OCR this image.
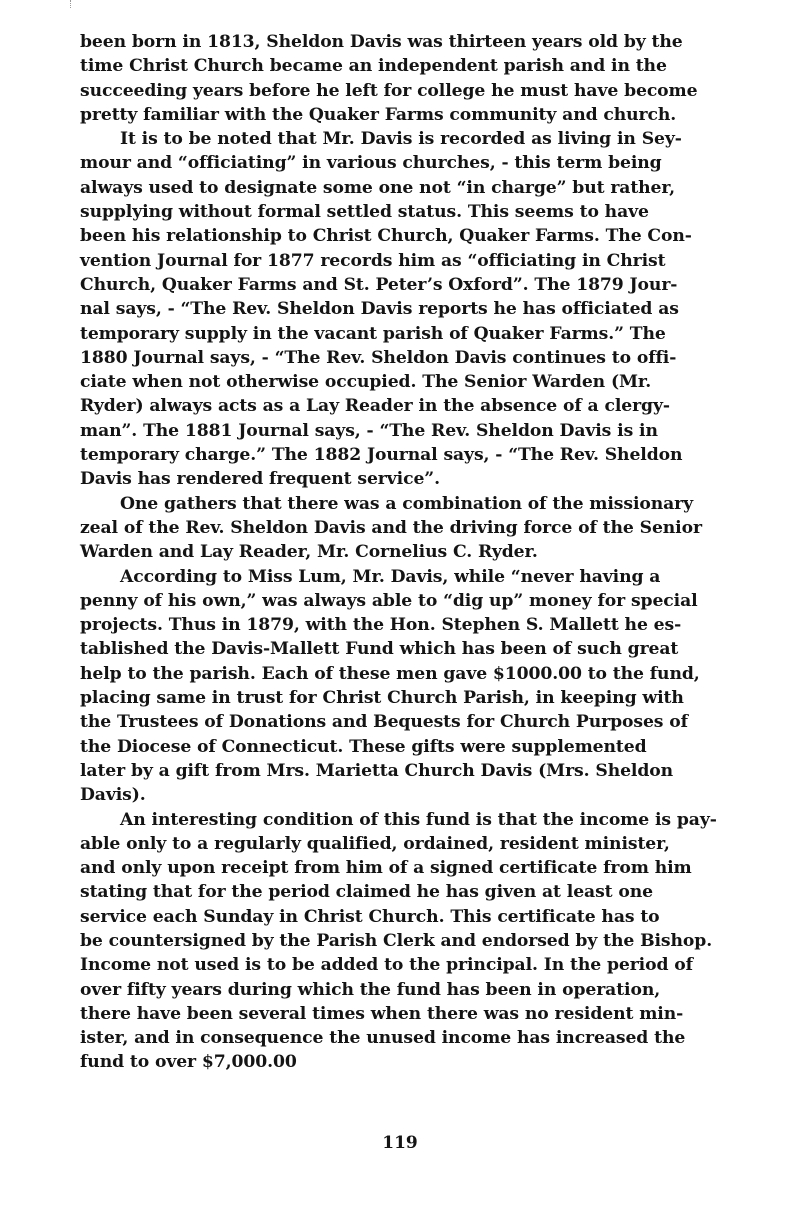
been born in 1813, Sheldon Davis was thirteen years old by the
time Christ Church became an independent parish and in the
succeeding years before he left for college he must have become
pretty familiar with the Quaker Farms community and church.
It is to be noted that Mr. Davis is recorded as living in Sey-
mour and “officiating” in various churches, - this term being
always used to designate some one not “in charge” but rather,
supplying without formal settled status. This seems to have
been his relationship to Christ Church, Quaker Farms. The Con-
vention Journal for 1877 records him as “officiating in Christ
Church, Quaker Farms and St. Peter’s Oxford”. The 1879 Jour-
nal says, - “The Rev. Sheldon Davis reports he has officiated as
temporary supply in the vacant parish of Quaker Farms.” The
1880 Journal says, - “The Rev. Sheldon Davis continues to offi-
ciate when not otherwise occupied. The Senior Warden (Mr.
Ryder) always acts as a Lay Reader in the absence of a clergy-
man”. The 1881 Journal says, - “The Rev. Sheldon Davis is in
temporary charge.” The 1882 Journal says, - “The Rev. Sheldon
Davis has rendered frequent service”.
One gathers that there was a combination of the missionary
zeal of the Rev. Sheldon Davis and the driving force of the Senior
Warden and Lay Reader, Mr. Cornelius C. Ryder.
According to Miss Lum, Mr. Davis, while “never having a
penny of his own,” was always able to “dig up” money for special
projects. Thus in 1879, with the Hon. Stephen S. Mallett he es-
tablished the Davis-Mallett Fund which has been of such great
help to the parish. Each of these men gave $1000.00 to the fund,
placing same in trust for Christ Church Parish, in keeping with
the Trustees of Donations and Bequests for Church Purposes of
the Diocese of Connecticut. These gifts were supplemented
later by a gift from Mrs. Marietta Church Davis (Mrs. Sheldon
Davis).
An interesting condition of this fund is that the income is pay-
able only to a regularly qualified, ordained, resident minister,
and only upon receipt from him of a signed certificate from him
stating that for the period claimed he has given at least one
service each Sunday in Christ Church. This certificate has to
be countersigned by the Parish Clerk and endorsed by the Bishop.
Income not used is to be added to the principal. In the period of
over fifty years during which the fund has been in operation,
there have been several times when there was no resident min-
ister, and in consequence the unused income has increased the
fund to over $7,000.00
119
